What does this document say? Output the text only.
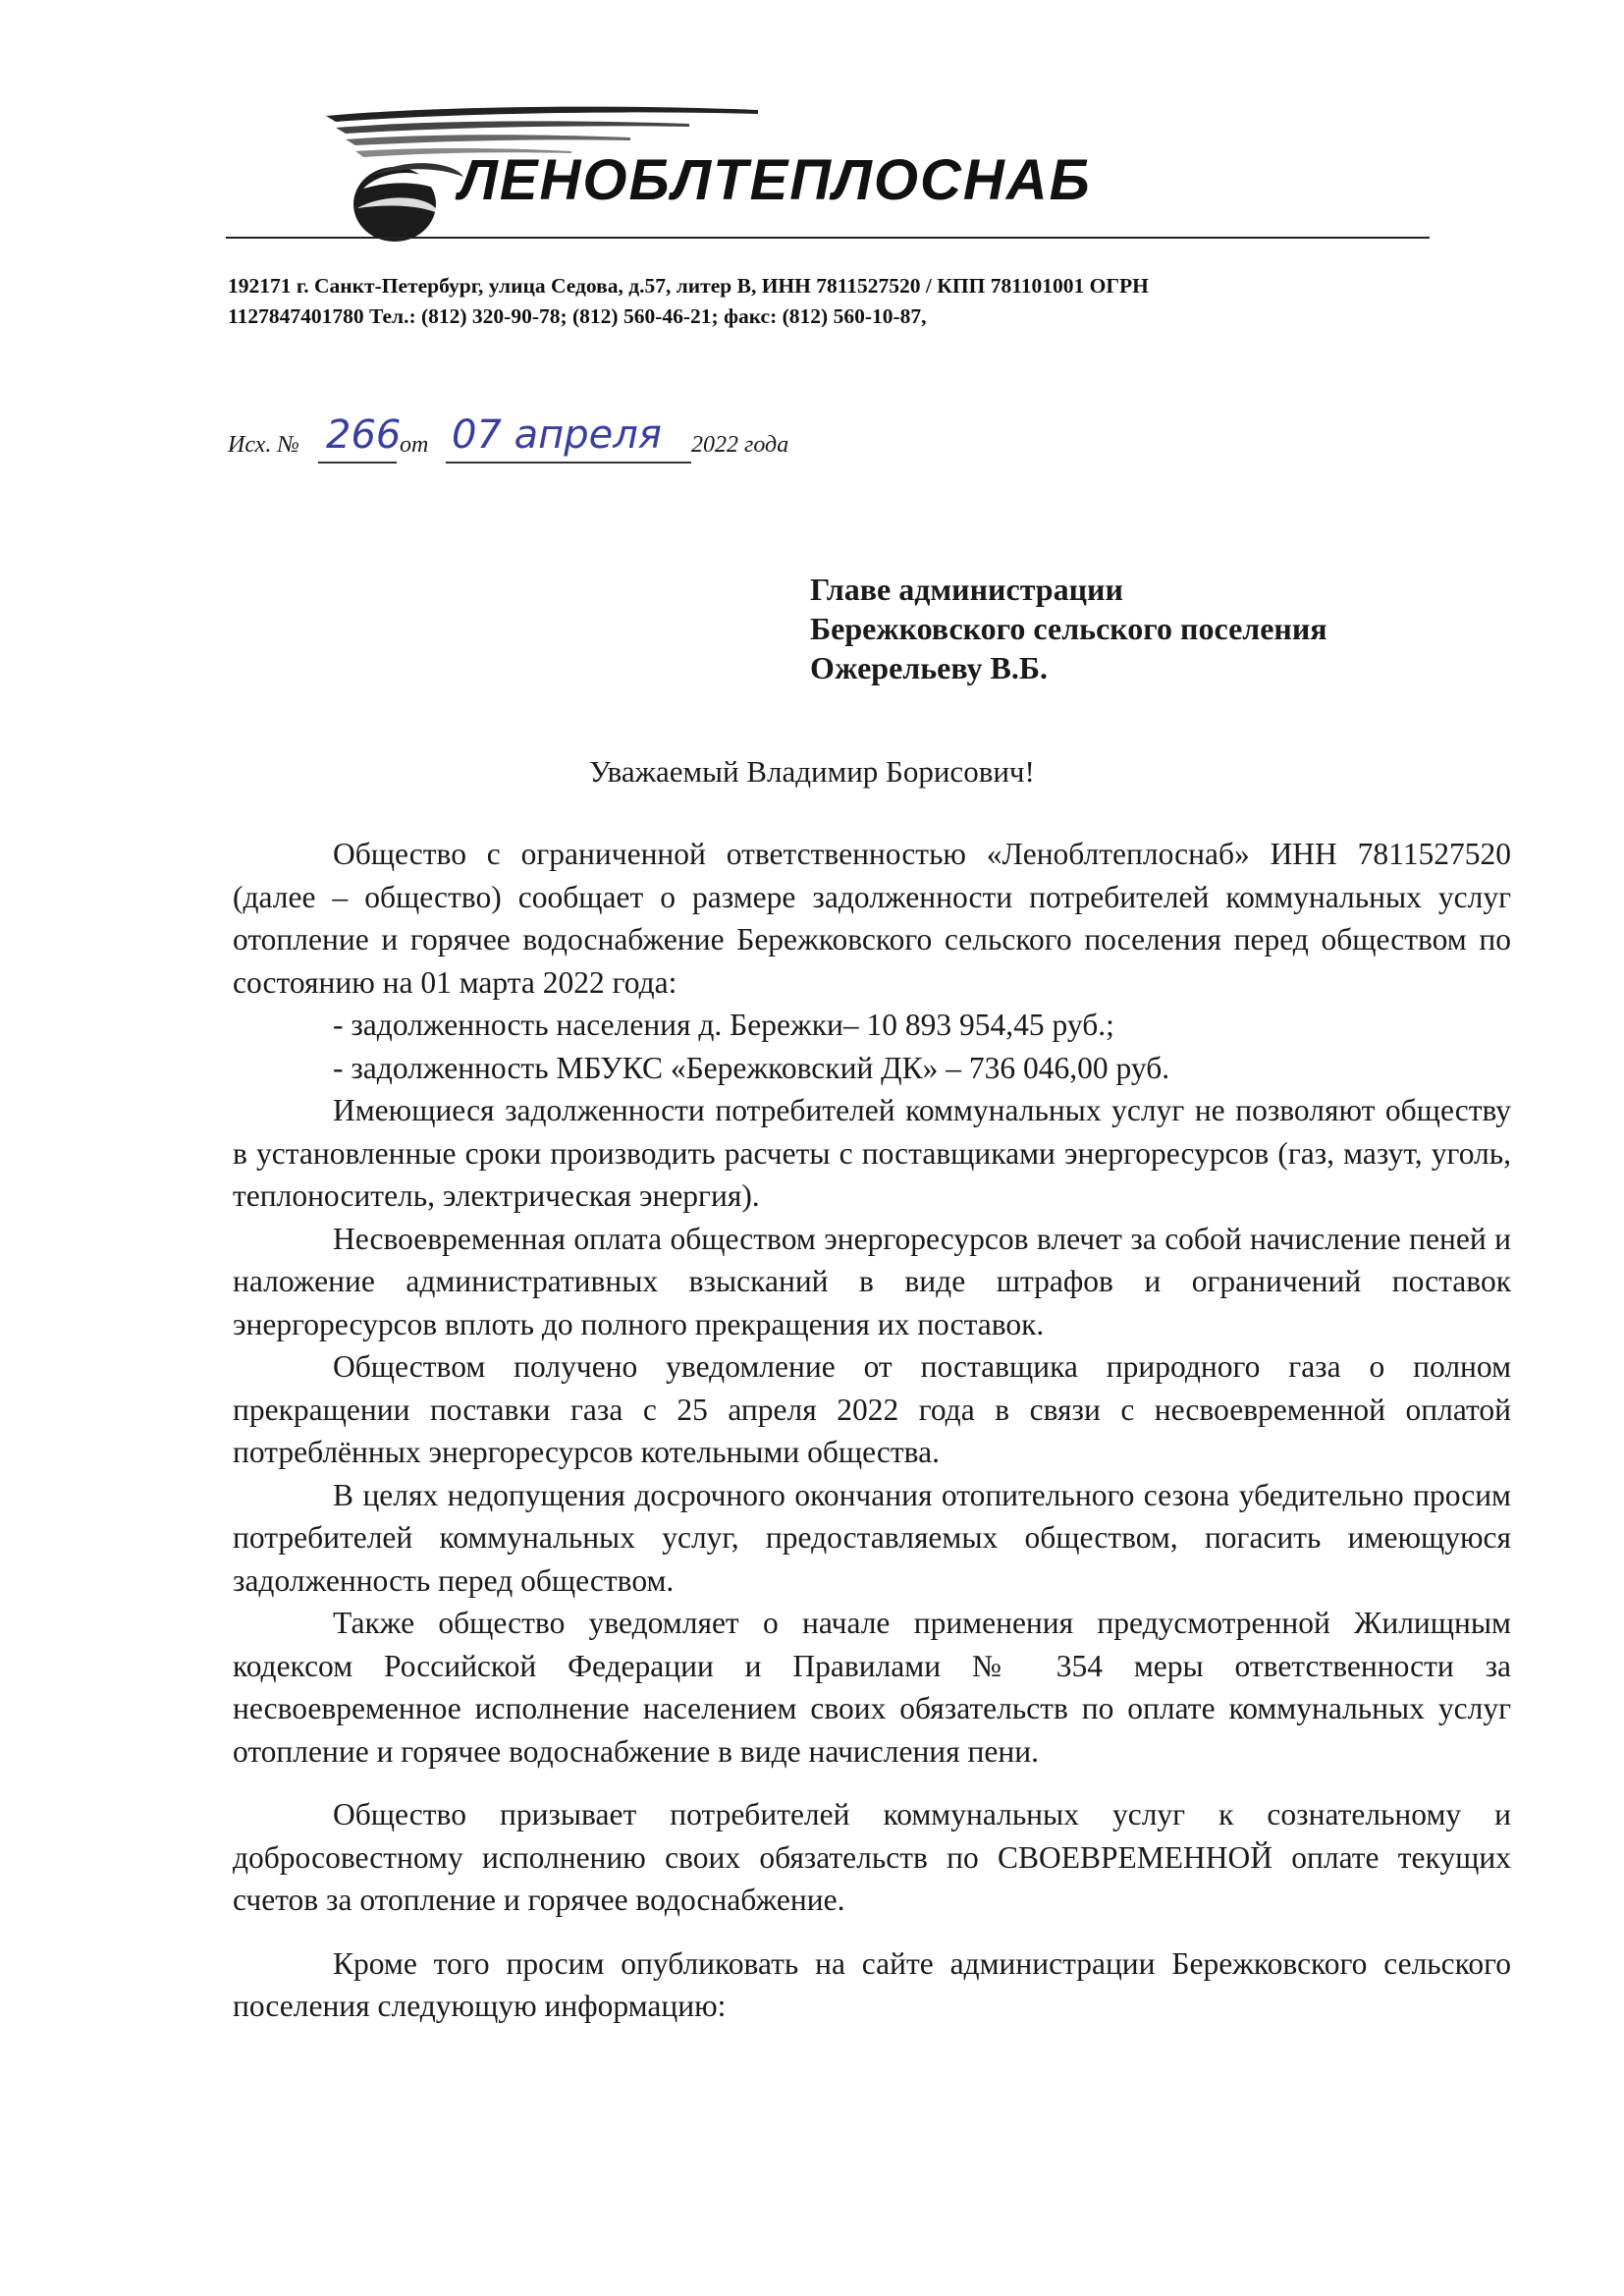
ЛЕНОБЛТЕПЛОСНАБ
192171 г. Санкт-Петербург, улица Седова, д.57, литер В, ИНН 7811527520 / КПП 781101001 ОГРН
1127847401780 Тел.: (812) 320-90-78; (812) 560-46-21; факс: (812) 560-10-87,
Исх. № 266
от 07 апреля 2022 года
Главе администрации
Бережковского сельского поселения
Ожерельеву В.Б.
Уважаемый Владимир Борисович!

Общество с ограниченной ответственностью «Леноблтеплоснаб» ИНН 7811527520 (далее – общество) сообщает о размере задолженности потребителей коммунальных услуг отопление и горячее водоснабжение Бережковского сельского поселения перед обществом по состоянию на 01 марта 2022 года:

- задолженность населения д. Бережки– 10 893 954,45 руб.;

- задолженность МБУКС «Бережковский ДК» – 736 046,00 руб.

Имеющиеся задолженности потребителей коммунальных услуг не позволяют обществу в установленные сроки производить расчеты с поставщиками энергоресурсов (газ, мазут, уголь, теплоноситель, электрическая энергия).

Несвоевременная оплата обществом энергоресурсов влечет за собой начисление пеней и наложение административных взысканий в виде штрафов и ограничений поставок энергоресурсов вплоть до полного прекращения их поставок.

Обществом получено уведомление от поставщика природного газа о полном прекращении поставки газа с 25 апреля 2022 года в связи с несвоевременной оплатой потреблённых энергоресурсов котельными общества.

В целях недопущения досрочного окончания отопительного сезона убедительно просим потребителей коммунальных услуг, предоставляемых обществом, погасить имеющуюся задолженность перед обществом.

Также общество уведомляет о начале применения предусмотренной Жилищным кодексом Российской Федерации и Правилами № 354 меры ответственности за несвоевременное исполнение населением своих обязательств по оплате коммунальных услуг отопление и горячее водоснабжение в виде начисления пени.

Общество призывает потребителей коммунальных услуг к сознательному и добросовестному исполнению своих обязательств по СВОЕВРЕМЕННОЙ оплате текущих счетов за отопление и горячее водоснабжение.

Кроме того просим опубликовать на сайте администрации Бережковского сельского поселения следующую информацию:
